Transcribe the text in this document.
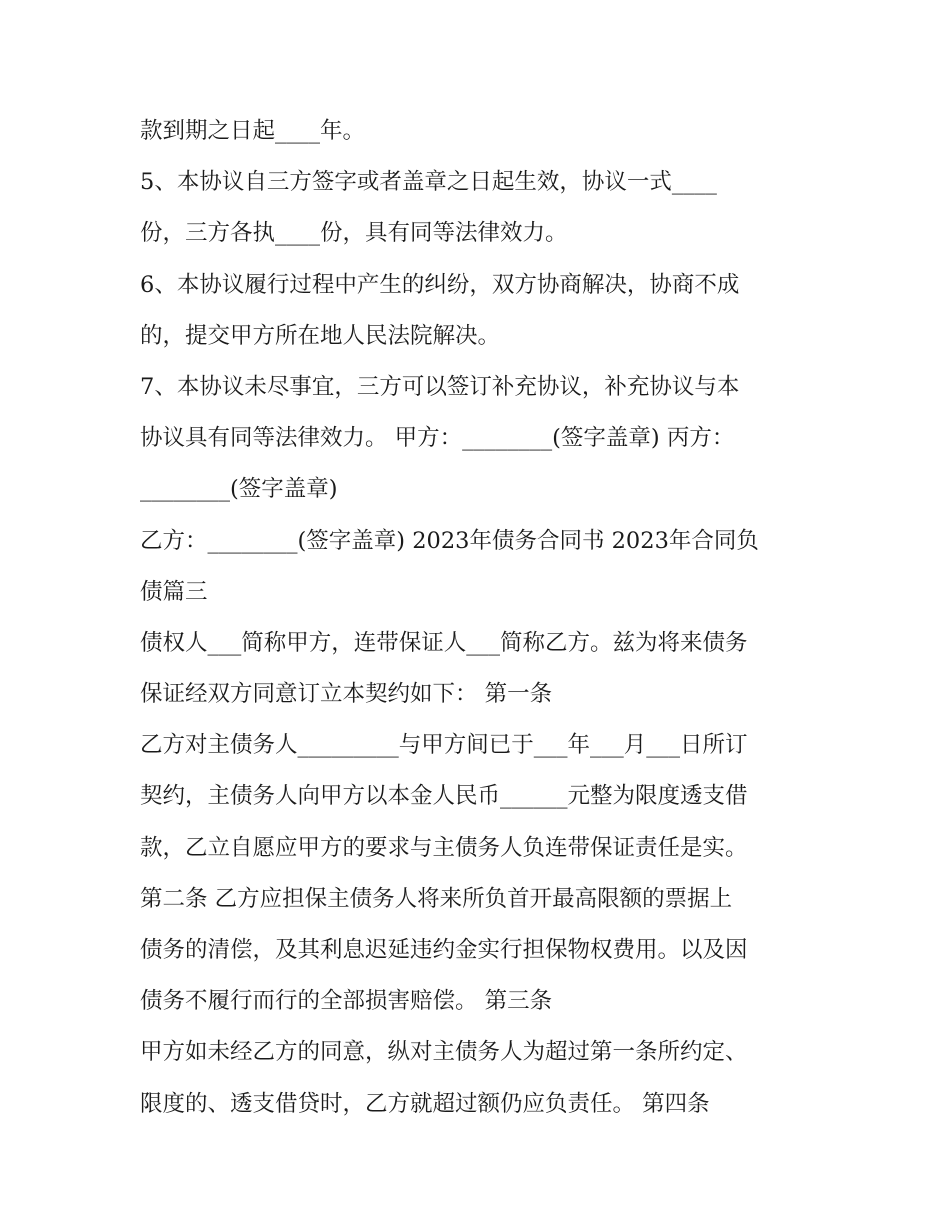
款到期之日起____年。
5、本协议自三方签字或者盖章之日起生效，协议一式____
份，三方各执____份，具有同等法律效力。
6、本协议履行过程中产生的纠纷，双方协商解决，协商不成
的，提交甲方所在地人民法院解决。
7、本协议未尽事宜，三方可以签订补充协议，补充协议与本
协议具有同等法律效力。 甲方：________(签字盖章) 丙方：
________(签字盖章)
乙方：________(签字盖章) 2023年债务合同书 2023年合同负
债篇三
债权人___简称甲方，连带保证人___简称乙方。兹为将来债务
保证经双方同意订立本契约如下： 第一条
乙方对主债务人_________与甲方间已于___年___月___日所订
契约，主债务人向甲方以本金人民币______元整为限度透支借
款，乙立自愿应甲方的要求与主债务人负连带保证责任是实。
第二条 乙方应担保主债务人将来所负首开最高限额的票据上
债务的清偿，及其利息迟延违约金实行担保物权费用。以及因
债务不履行而行的全部损害赔偿。 第三条
甲方如未经乙方的同意，纵对主债务人为超过第一条所约定、
限度的、透支借贷时，乙方就超过额仍应负责任。 第四条
